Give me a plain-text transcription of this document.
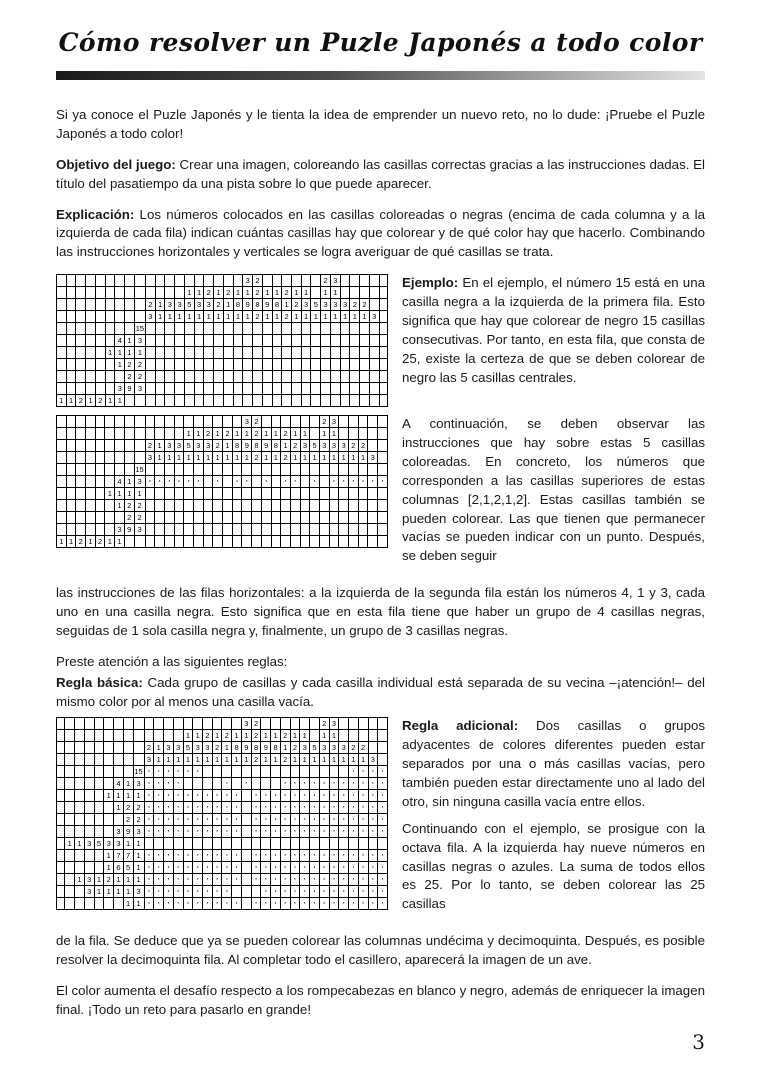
Cómo resolver un Puzle Japonés a todo color

Si ya conoce el Puzle Japonés y le tienta la idea de emprender un nuevo reto, no lo dude: ¡Pruebe el Puzle Japonés a todo color!

Objetivo del juego: Crear una imagen, coloreando las casillas correctas gracias a las instrucciones dadas. El título del pasatiempo da una pista sobre lo que puede aparecer.

Explicación: Los números colocados en las casillas coloreadas o negras (encima de cada columna y a la izquierda de cada fila) indican cuántas casillas hay que colorear y de qué color hay que hacerlo. Combinando las instrucciones horizontales y verticales se logra averiguar de qué casillas se trata.

																			3	2							2	3					
													1	1	2	1	2	1	1	2	1	1	2	1	1		1	1					
									2	1	3	3	5	3	3	2	1	8	9	8	9	8	1	2	3	5	3	3	3	2	2		
									3	1	1	1	1	1	1	1	1	1	1	2	1	1	2	1	1	1	1	1	1	1	1	3	
								15																									
						4	1	3																									
					1	1	1	1																									
						1	2	2																									
							2	2																									
						3	9	3																									
1	1	2	1	2	1	1																											

Ejemplo: En el ejemplo, el número 15 está en una casilla negra a la izquierda de la primera fila. Esto significa que hay que colorear de negro 15 casillas consecutivas. Por tanto, en esta fila, que consta de 25, existe la certeza de que se deben colorear de negro las 5 casillas centrales.

																			3	2							2	3					
													1	1	2	1	2	1	1	2	1	1	2	1	1		1	1					
									2	1	3	3	5	3	3	2	1	8	9	8	9	8	1	2	3	5	3	3	3	2	2		
									3	1	1	1	1	1	1	1	1	1	1	2	1	1	2	1	1	1	1	1	1	1	1	3	
								15																									
						4	1	3	·	·	·	·	·	·		·		·	·		·		·	·		·		·	·	·	·	·	·
					1	1	1	1																									
						1	2	2																									
							2	2																									
						3	9	3																									
1	1	2	1	2	1	1																											

A continuación, se deben observar las instrucciones que hay sobre estas 5 casillas coloreadas. En concreto, los números que corresponden a las casillas superiores de estas columnas [2,1,2,1,2]. Estas casillas también se pueden colorear. Las que tienen que permanecer vacías se pueden indicar con un punto. Después, se deben seguir

las instrucciones de las filas horizontales: a la izquierda de la segunda fila están los números 4, 1 y 3, cada uno en una casilla negra. Esto significa que en esta fila tiene que haber un grupo de 4 casillas negras, seguidas de 1 sola casilla negra y, finalmente, un grupo de 3 casillas negras.

Preste atención a las siguientes reglas:

Regla básica: Cada grupo de casillas y cada casilla individual está separada de su vecina –¡atención!– del mismo color por al menos una casilla vacía.

																			3	2							2	3					
													1	1	2	1	2	1	1	2	1	1	2	1	1		1	1					
									2	1	3	3	5	3	3	2	1	8	9	8	9	8	1	2	3	5	3	3	3	2	2		
									3	1	1	1	1	1	1	1	1	1	1	2	1	1	2	1	1	1	1	1	1	1	1	3	
								15	·	·	·	·	·	·																·	·	·	·
						4	1	3	·	·	·	·					·		·				·	·	·	·	·	·	·	·	·	·	·
					1	1	1	1	·	·	·	·	·	·	·	·	·	·		·	·	·	·	·	·	·	·	·	·	·	·	·	·
						1	2	2	·	·	·	·	·	·	·	·	·	·		·	·	·	·	·	·	·	·	·	·	·	·	·	·
							2	2	·	·	·	·	·	·	·	·	·	·		·	·	·	·	·	·	·	·	·	·	·	·	·	·
						3	9	3	·	·	·	·	·	·	·	·	·	·		·	·	·	·	·	·	·	·	·	·	·	·	·	·
	1	1	3	5	3	3	1	1																									
					1	7	7	1	·	·	·	·	·	·	·	·	·	·		·	·	·	·	·	·	·	·	·	·	·	·	·	·
					1	6	5	1	·	·	·	·	·	·	·	·	·	·		·	·	·	·	·	·	·	·	·	·	·	·	·	·
		1	3	1	2	1	1	1	·	·	·	·	·	·	·	·	·	·		·	·	·	·	·	·	·	·	·	·	·	·	·	·
			3	1	1	1	1	3	·	·	·	·	·	·	·	·	·				·	·	·	·	·	·	·	·	·	·	·	·	·
							1	1	·	·	·	·	·	·	·	·	·	·		·	·	·	·	·	·	·	·	·	·	·	·	·	·

Regla adicional: Dos casillas o grupos adyacentes de colores diferentes pueden estar separados por una o más casillas vacías, pero también pueden estar directamente uno al lado del otro, sin ninguna casilla vacía entre ellos.

Continuando con el ejemplo, se prosigue con la octava fila. A la izquierda hay nueve números en casillas negras o azules. La suma de todos ellos es 25. Por lo tanto, se deben colorear las 25 casillas

de la fila. Se deduce que ya se pueden colorear las columnas undécima y decimoquinta. Después, es posible resolver la decimoquinta fila. Al completar todo el casillero, aparecerá la imagen de un ave.

El color aumenta el desafío respecto a los rompecabezas en blanco y negro, además de enriquecer la imagen final. ¡Todo un reto para pasarlo en grande!

3
